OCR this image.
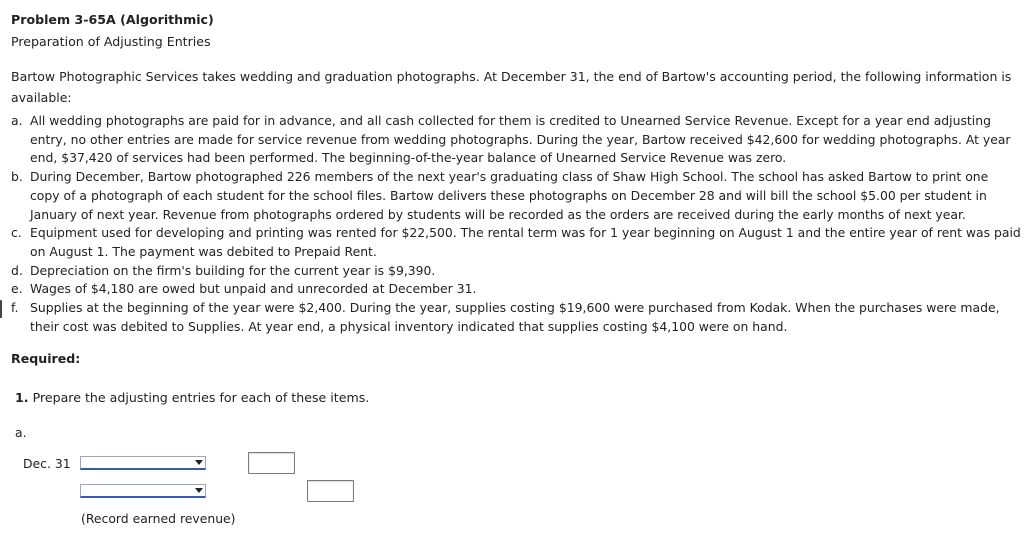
Problem 3-65A (Algorithmic)
Preparation of Adjusting Entries
Bartow Photographic Services takes wedding and graduation photographs. At December 31, the end of Bartow's accounting period, the following information is available:
a. All wedding photographs are paid for in advance, and all cash collected for them is credited to Unearned Service Revenue. Except for a year end adjusting entry, no other entries are made for service revenue from wedding photographs. During the year, Bartow received $42,600 for wedding photographs. At year end, $37,420 of services had been performed. The beginning-of-the-year balance of Unearned Service Revenue was zero.
b. During December, Bartow photographed 226 members of the next year's graduating class of Shaw High School. The school has asked Bartow to print one copy of a photograph of each student for the school files. Bartow delivers these photographs on December 28 and will bill the school $5.00 per student in January of next year. Revenue from photographs ordered by students will be recorded as the orders are received during the early months of next year.
c. Equipment used for developing and printing was rented for $22,500. The rental term was for 1 year beginning on August 1 and the entire year of rent was paid on August 1. The payment was debited to Prepaid Rent.
d. Depreciation on the firm's building for the current year is $9,390.
e. Wages of $4,180 are owed but unpaid and unrecorded at December 31.
f. Supplies at the beginning of the year were $2,400. During the year, supplies costing $19,600 were purchased from Kodak. When the purchases were made, their cost was debited to Supplies. At year end, a physical inventory indicated that supplies costing $4,100 were on hand.
Required:
1. Prepare the adjusting entries for each of these items.
a.
Dec. 31
(Record earned revenue)
